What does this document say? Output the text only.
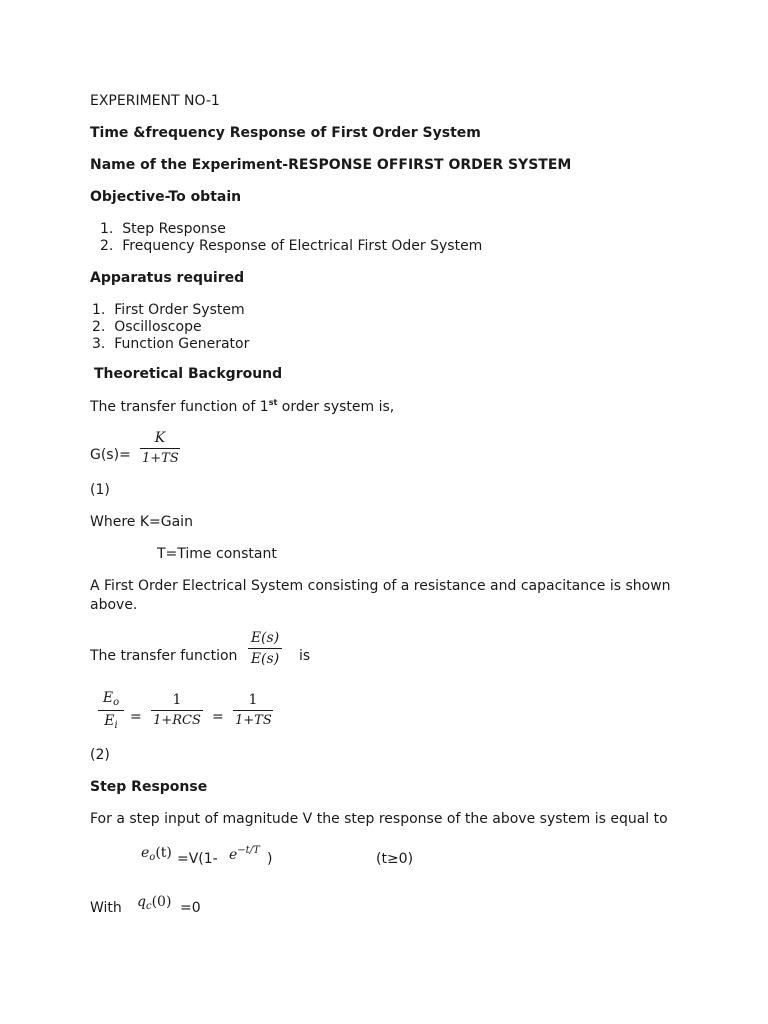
EXPERIMENT NO-1
Time &frequency Response of First Order System
Name of the Experiment-RESPONSE OFFIRST ORDER SYSTEM
Objective-To obtain
1. Step Response
2. Frequency Response of Electrical First Oder System
Apparatus required
1. First Order System
2. Oscilloscope
3. Function Generator
Theoretical Background
The transfer function of 1st order system is,
G(s)=
K
1+TS
(1)
Where K=Gain
T=Time constant
A First Order Electrical System consisting of a resistance and capacitance is shown
above.
The transfer function
E(s)
E(s) is
$E_o$
$E_i$
=
1
1+RCS =
1
1+TS
(2)
Step Response
For a step input of magnitude V the step response of the above system is equal to
$e_o(t) =V(1-$ $e^{-t/T}$
)	(t≥0)
With $q_c(0) =0$
